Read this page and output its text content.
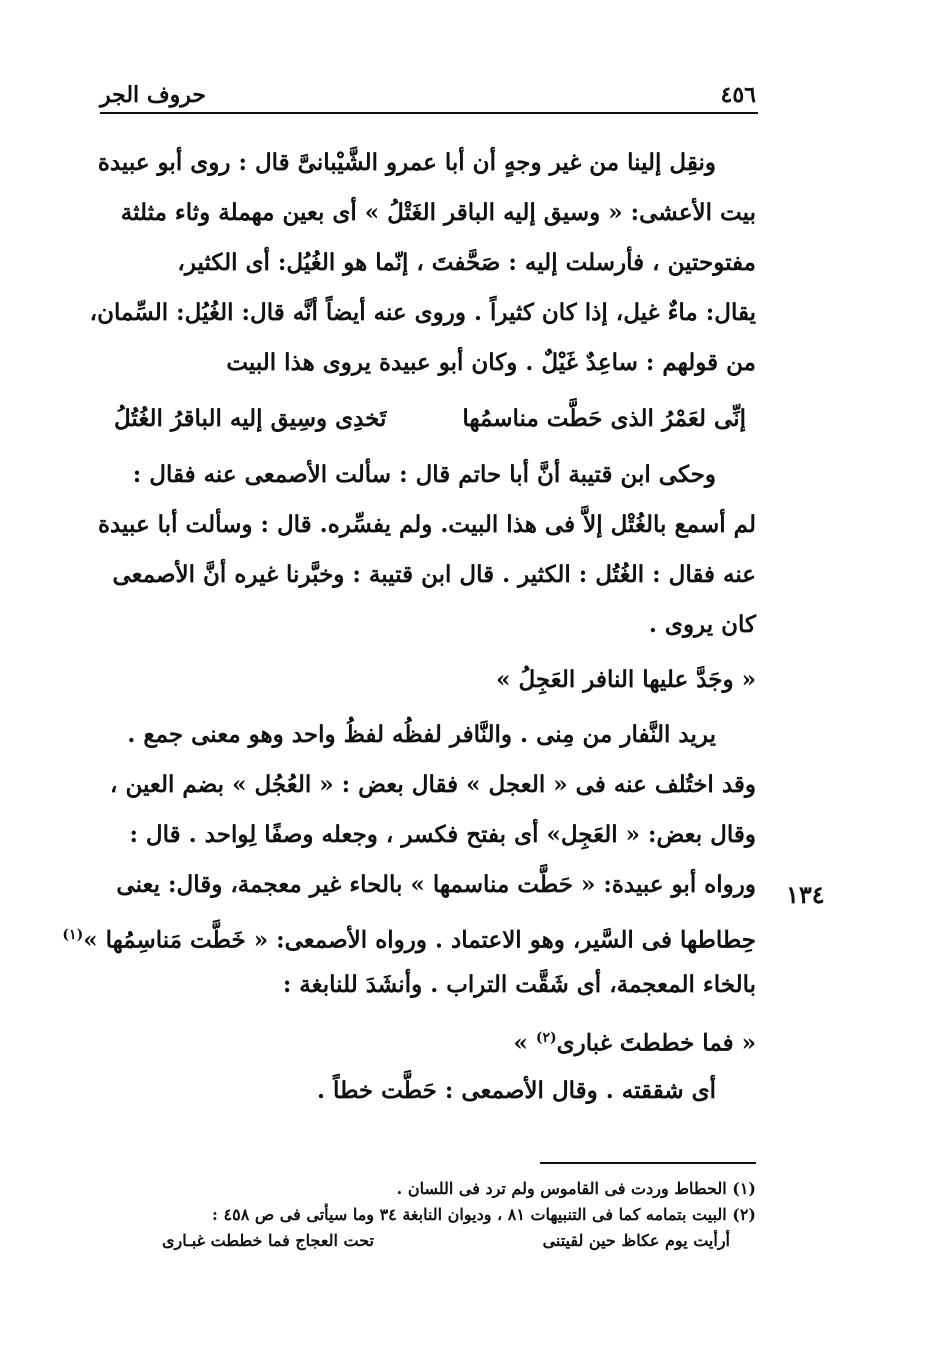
٤٥٦
حروف الجر
ونقِل إلينا من غير وجهٍ أن أبا عمرو الشَّيْبانىَّ قال : روى أبو عبيدة
بيت الأعشى: « وسيق إليه الباقر الغَتْلُ » أى بعين مهملة وثاء مثلثة
مفتوحتين ، فأرسلت إليه : صَحَّفتَ ، إنّما هو الغُيُل: أى الكثير،
يقال: ماءٌ غيل، إذا كان كثيراً . وروى عنه أيضاً أنَّه قال: الغُيُل: السِّمان،
من قولهم : ساعِدٌ غَيْلٌ . وكان أبو عبيدة يروى هذا البيت
إنِّى لعَمْرُ الذى حَطَّت مناسمُها
تَخدِى وسِيق إليه الباقرُ الغُتُلُ
وحكى ابن قتيبة أنَّ أبا حاتم قال : سألت الأصمعى عنه فقال :
لم أسمع بالغُتْل إلاَّ فى هذا البيت. ولم يفسِّره. قال : وسألت أبا عبيدة
عنه فقال : الغُتُل : الكثير . قال ابن قتيبة : وخبَّرنا غيره أنَّ الأصمعى
كان يروى .
« وجَدَّ عليها النافر العَجِلُ »
يريد النَّفار من مِنى . والنَّافر لفظُه لفظُ واحد وهو معنى جمع .
وقد اختُلف عنه فى « العجل » فقال بعض : « العُجُل » بضم العين ،
وقال بعض: « العَجِل» أى بفتح فكسر ، وجعله وصفًا لِواحد . قال :
ورواه أبو عبيدة: « حَطَّت مناسمها » بالحاء غير معجمة، وقال: يعنى
حِطاطها فى السَّير، وهو الاعتماد . ورواه الأصمعى: « خَطَّت مَناسِمُها »$^{(١)}$
بالخاء المعجمة، أى شَقَّت التراب . وأنشَدَ للنابغة :
« فما خططتَ غبارى$^{(٢)}$ »
أى شققته . وقال الأصمعى : حَطَّت خطاً .
١٣٤
(١) الحطاط وردت فى القاموس ولم ترد فى اللسان .
(٢) البيت بتمامه كما فى التنبيهات ٨١ ، وديوان النابغة ٣٤ وما سيأتى فى ص ٤٥٨ :
أرأيت يوم عكاظ حين لقيتنى
تحت العجاج فما خططت غبـارى
